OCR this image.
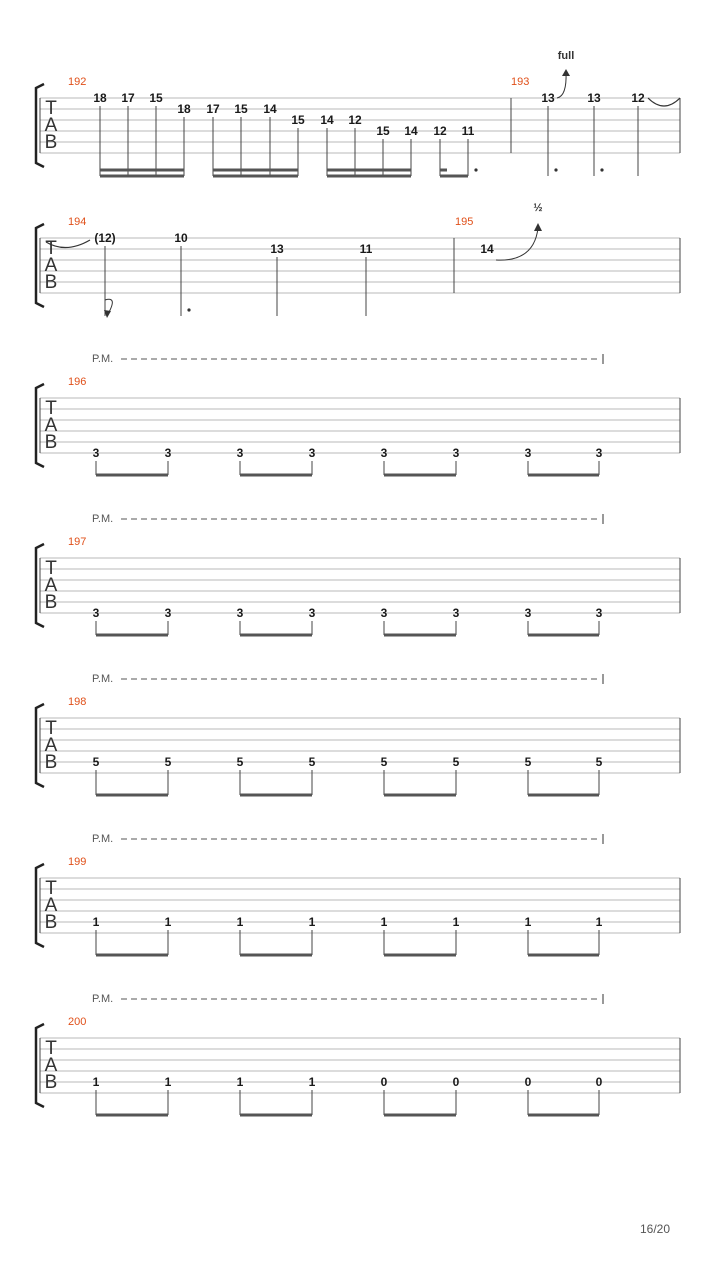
T
A
B
192	193
18 17 15
18 17 15 14
15 14 12
15 14 12 11
13	13	12
full
T
A
B
194	195
(12)	10
13	11	14
½
T
A
B
196
P.M.
3	3	3	3	3	3	3	3
T
A
B
197
P.M.
3	3	3	3	3	3	3	3
T
A
B
198
P.M.
5	5	5	5	5	5	5	5
T
A
B
199
P.M.
1	1	1	1	1	1	1	1
T
A
B
200
P.M.
1	1	1	1	0	0	0	0
16/20
